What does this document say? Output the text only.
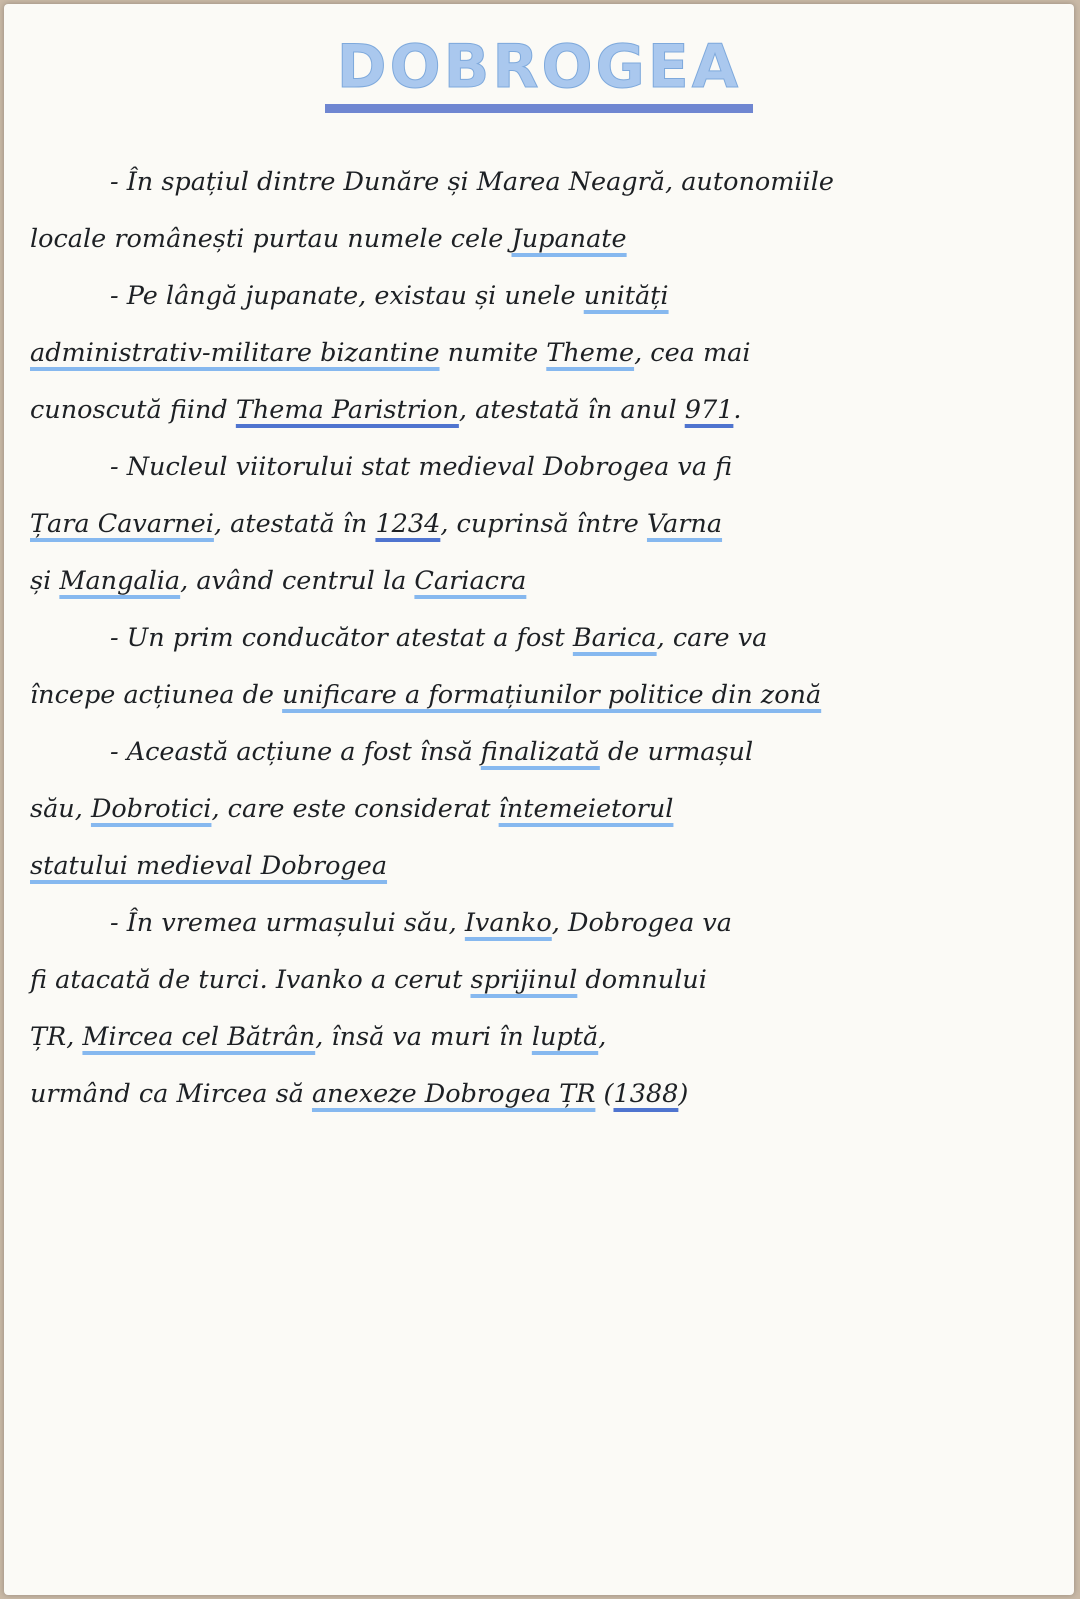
DOBROGEA
- În spațiul dintre Dunăre și Marea Neagră, autonomiile
locale românești purtau numele cele Jupanate
- Pe lângă jupanate, existau și unele unități
administrativ-militare bizantine numite Theme, cea mai
cunoscută fiind Thema Paristrion, atestată în anul 971.
- Nucleul viitorului stat medieval Dobrogea va fi
Țara Cavarnei, atestată în 1234, cuprinsă între Varna
și Mangalia, având centrul la Cariacra
- Un prim conducător atestat a fost Barica, care va
începe acțiunea de unificare a formațiunilor politice din zonă
- Această acțiune a fost însă finalizată de urmașul
său, Dobrotici, care este considerat întemeietorul
statului medieval Dobrogea
- În vremea urmașului său, Ivanko, Dobrogea va
fi atacată de turci. Ivanko a cerut sprijinul domnului
ȚR, Mircea cel Bătrân, însă va muri în luptă,
urmând ca Mircea să anexeze Dobrogea ȚR (1388)
